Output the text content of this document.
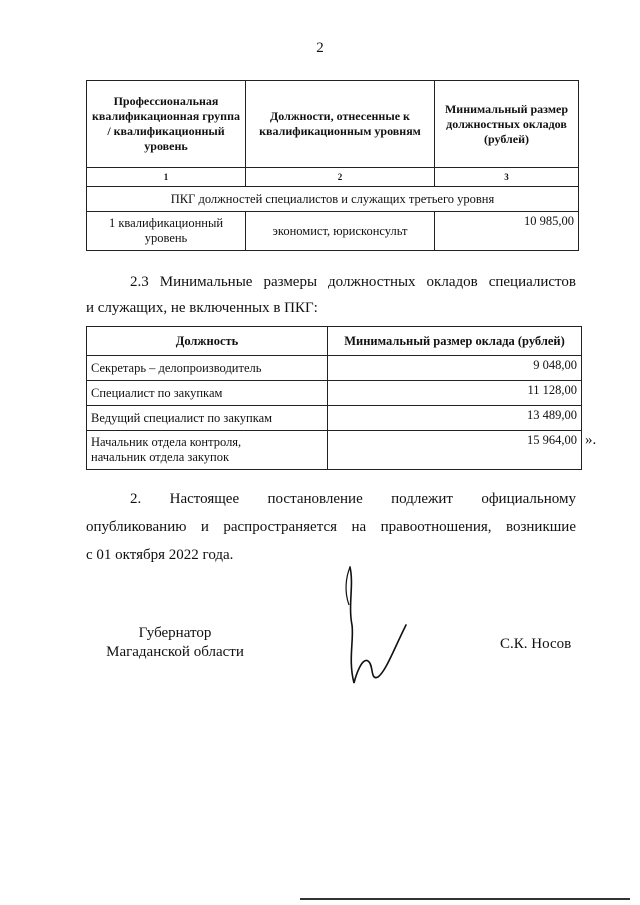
2
Профессиональная квалификационная группа / квалификационный уровень	Должности, отнесенные к квалификационным уровням	Минимальный размер должностных окладов (рублей)
1	2	3
ПКГ должностей специалистов и служащих третьего уровня		
1 квалификационный уровень	экономист, юрисконсульт	10 985,00
2.3 Минимальные размеры должностных окладов специалистов
и служащих, не включенных в ПКГ:
Должность	Минимальный размер оклада (рублей)
Секретарь – делопроизводитель	9 048,00
Специалист по закупкам	11 128,00
Ведущий специалист по закупкам	13 489,00

Начальник отдела контроля,
начальник отдела закупок	15 964,00 ».
2. Настоящее постановление подлежит официальному
опубликованию и распространяется на правоотношения, возникшие
с 01 октября 2022 года.
Губернатор
Магаданской области	С.К. Носов
